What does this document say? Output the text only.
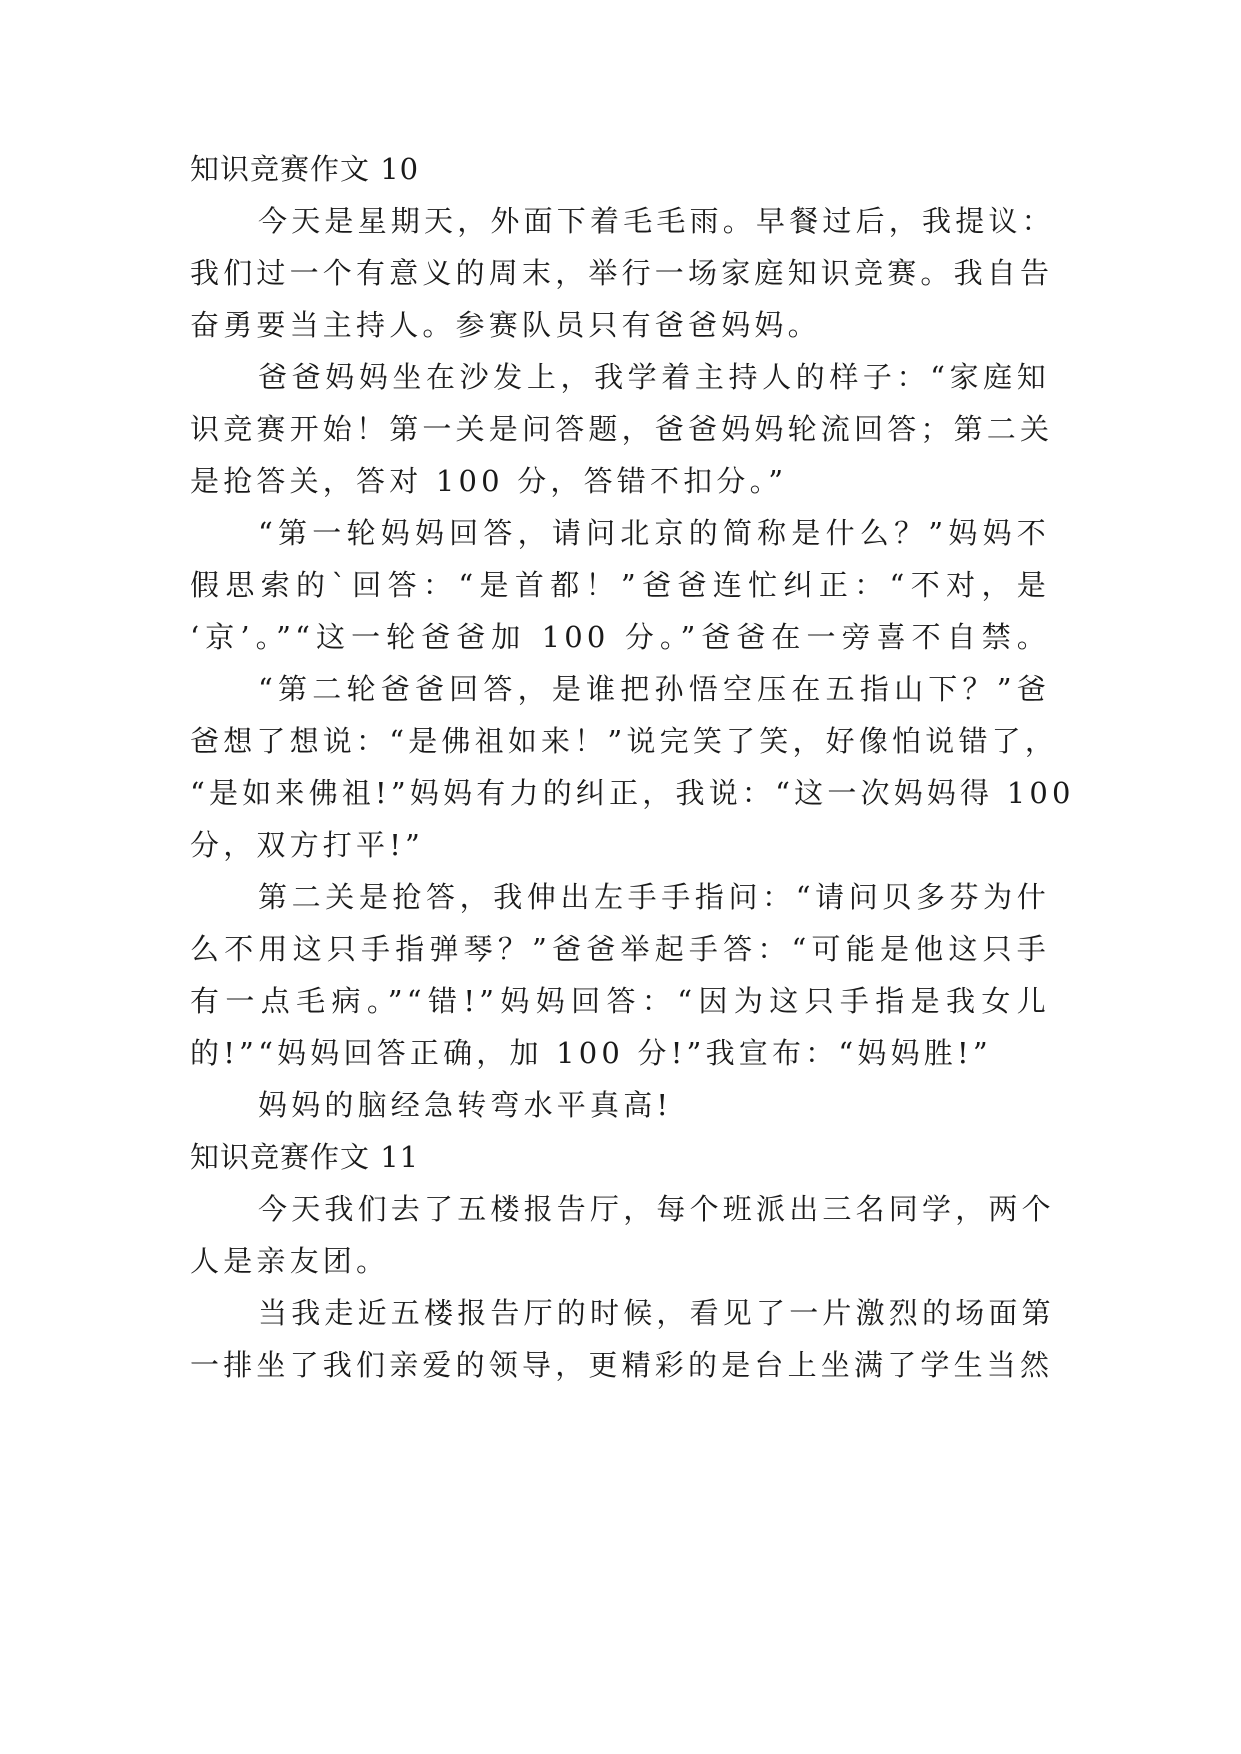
知识竞赛作文 10
今天是星期天，外面下着毛毛雨。早餐过后，我提议：
我们过一个有意义的周末，举行一场家庭知识竞赛。我自告
奋勇要当主持人。参赛队员只有爸爸妈妈。
爸爸妈妈坐在沙发上，我学着主持人的样子：“家庭知
识竞赛开始！第一关是问答题，爸爸妈妈轮流回答；第二关
是抢答关，答对 100 分，答错不扣分。”
“第一轮妈妈回答，请问北京的简称是什么？”妈妈不
假思索的`回答：“是首都！”爸爸连忙纠正：“不对，是
‘京’。”“这一轮爸爸加 100 分。”爸爸在一旁喜不自禁。
“第二轮爸爸回答，是谁把孙悟空压在五指山下？”爸
爸想了想说：“是佛祖如来！”说完笑了笑，好像怕说错了，
“是如来佛祖!”妈妈有力的纠正，我说：“这一次妈妈得 100
分，双方打平!”
第二关是抢答，我伸出左手手指问：“请问贝多芬为什
么不用这只手指弹琴？”爸爸举起手答：“可能是他这只手
有一点毛病。”“错!”妈妈回答：“因为这只手指是我女儿
的!”“妈妈回答正确，加 100 分!”我宣布：“妈妈胜!”
妈妈的脑经急转弯水平真高!
知识竞赛作文 11
今天我们去了五楼报告厅，每个班派出三名同学，两个
人是亲友团。
当我走近五楼报告厅的时候，看见了一片激烈的场面第
一排坐了我们亲爱的领导，更精彩的是台上坐满了学生当然
